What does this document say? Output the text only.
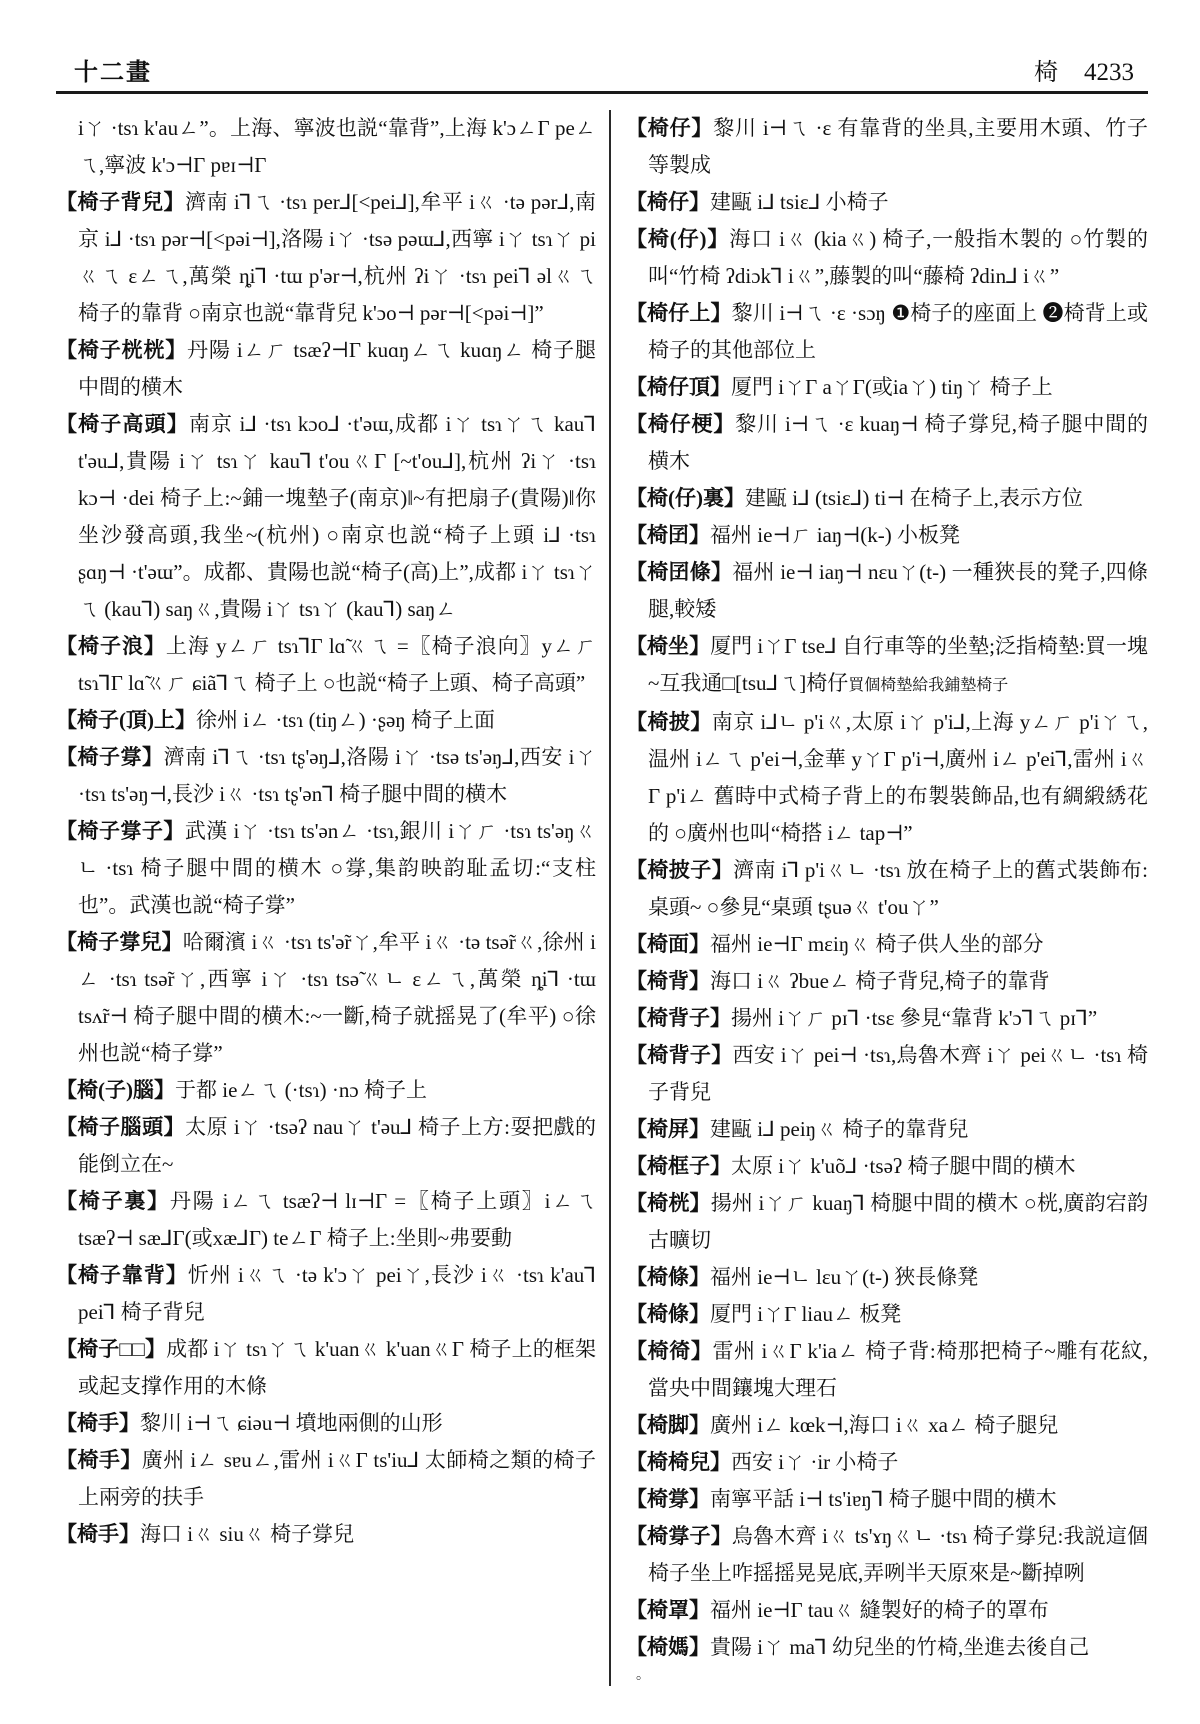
十二畫	椅 4233

iㄚ ·tsɿ k'auㄥ”。上海、寧波也説“靠背”,上海 k'ɔㄥΓ peㄥㄟ,寧波 k'ɔ⊣Γ pɐɪ⊣Γ

【椅子背兒】濟南 i⅂ㄟ ·tsɿ per⅃[<pei⅃],牟平 iㄍ ·tə pər⅃,南京 i⅃ ·tsɿ pər⊣[<pəi⊣],洛陽 iㄚ ·tsə pəɯ⅃,西寧 iㄚ tsɿㄚ piㄍㄟ ɛㄥㄟ,萬榮 ȵi⅂ ·tɯ p'ər⊣,杭州 ʔiㄚ ·tsɿ pei⅂ əlㄍㄟ 椅子的靠背 ○南京也説“靠背兒 k'ɔo⊣ pər⊣[<pəi⊣]”

【椅子桄桄】丹陽 iㄥㄏ tsæʔ⊣Γ kuɑŋㄥㄟ kuɑŋㄥ 椅子腿中間的横木

【椅子高頭】南京 i⅃ ·tsɿ kɔo⅃ ·t'əɯ,成都 iㄚ tsɿㄚㄟ kau⅂ t'əu⅃,貴陽 iㄚ tsɿㄚ kau⅂ t'ouㄍΓ [~t'ou⅃],杭州 ʔiㄚ ·tsɿ kɔ⊣ ·dei 椅子上:~鋪一塊墊子(南京)‖~有把扇子(貴陽)‖你坐沙發高頭,我坐~(杭州) ○南京也説“椅子上頭 i⅃ ·tsɿ ʂɑŋ⊣ ·t'əɯ”。成都、貴陽也説“椅子(高)上”,成都 iㄚ tsɿㄚㄟ (kau⅂) saŋㄍ,貴陽 iㄚ tsɿㄚ (kau⅂) saŋㄥ

【椅子浪】上海 yㄥㄏ tsɿ⅂Γ lɑ̃ㄍㄟ =〖椅子浪向〗yㄥㄏ tsɿ⅂Γ lɑ̃ㄍㄏ ɕiã⅂ㄟ 椅子上 ○也説“椅子上頭、椅子高頭”

【椅子(頂)上】徐州 iㄥ ·tsɿ (tiŋㄥ) ·ʂəŋ 椅子上面

【椅子牚】濟南 i⅂ㄟ ·tsɿ tʂ'əŋ⅃,洛陽 iㄚ ·tsə ts'əŋ⅃,西安 iㄚ ·tsɿ ts'əŋ⊣,長沙 iㄍ ·tsɿ tʂ'ən⅂ 椅子腿中間的横木

【椅子牚子】武漢 iㄚ ·tsɿ ts'ənㄥ ·tsɿ,銀川 iㄚㄏ ·tsɿ ts'əŋㄍㄴ ·tsɿ 椅子腿中間的横木 ○牚,集韵映韵耻孟切:“支柱也”。武漢也説“椅子牚”

【椅子牚兒】哈爾濱 iㄍ ·tsɿ ts'ə̃rㄚ,牟平 iㄍ ·tə tsə̃rㄍ,徐州 iㄥ ·tsɿ tsə̃rㄚ,西寧 iㄚ ·tsɿ tsə̃ㄍㄴ ɛㄥㄟ,萬榮 ȵi⅂ ·tɯ tsʌ̃r⊣ 椅子腿中間的横木:~一斷,椅子就摇晃了(牟平) ○徐州也説“椅子牚”

【椅(子)腦】于都 ieㄥㄟ (·tsɿ) ·nɔ 椅子上

【椅子腦頭】太原 iㄚ ·tsəʔ nauㄚ t'əu⅃ 椅子上方:耍把戲的能倒立在~

【椅子裏】丹陽 iㄥㄟ tsæʔ⊣ lɪ⊣Γ =〖椅子上頭〗iㄥㄟ tsæʔ⊣ sæ⅃Γ(或xæ⅃Γ) teㄥΓ 椅子上:坐則~弗要動

【椅子靠背】忻州 iㄍㄟ ·tə k'ɔㄚ peiㄚ,長沙 iㄍ ·tsɿ k'au⅂ pei⅂ 椅子背兒

【椅子□□】成都 iㄚ tsɿㄚㄟ k'uanㄍ k'uanㄍΓ 椅子上的框架或起支撑作用的木條

【椅手】黎川 i⊣ㄟ ɕiəu⊣ 墳地兩側的山形

【椅手】廣州 iㄥ sɐuㄥ,雷州 iㄍΓ ts'iu⅃ 太師椅之類的椅子上兩旁的扶手

【椅手】海口 iㄍ siuㄍ 椅子牚兒

【椅仔】黎川 i⊣ㄟ ·ɛ 有靠背的坐具,主要用木頭、竹子等製成

【椅仔】建甌 i⅃ tsiɛ⅃ 小椅子

【椅(仔)】海口 iㄍ (kiaㄍ) 椅子,一般指木製的 ○竹製的叫“竹椅 ʔdiɔk⅂ iㄍ”,藤製的叫“藤椅 ʔdin⅃ iㄍ”

【椅仔上】黎川 i⊣ㄟ ·ɛ ·sɔŋ ❶椅子的座面上 ❷椅背上或椅子的其他部位上

【椅仔頂】厦門 iㄚΓ aㄚΓ(或iaㄚ) tiŋㄚ 椅子上

【椅仔梗】黎川 i⊣ㄟ ·ɛ kuaŋ⊣ 椅子牚兒,椅子腿中間的横木

【椅(仔)裏】建甌 i⅃ (tsiɛ⅃) ti⊣ 在椅子上,表示方位

【椅囝】福州 ie⊣ㄏ iaŋ⊣(k-) 小板凳

【椅囝條】福州 ie⊣ iaŋ⊣ nɛuㄚ(t-) 一種狹長的凳子,四條腿,較矮

【椅坐】厦門 iㄚΓ tse⅃ 自行車等的坐墊;泛指椅墊:買一塊~互我通□[tsu⅃ㄟ]椅仔買個椅墊給我鋪墊椅子

【椅披】南京 i⅃ㄴ p'iㄍ,太原 iㄚ p'i⅃,上海 yㄥㄏ p'iㄚㄟ,温州 iㄥㄟ p'ei⊣,金華 yㄚΓ p'i⊣,廣州 iㄥ p'ei⅂,雷州 iㄍΓ p'iㄥ 舊時中式椅子背上的布製裝飾品,也有綢緞綉花的 ○廣州也叫“椅搭 iㄥ tap⊣”

【椅披子】濟南 i⅂ p'iㄍㄴ ·tsɿ 放在椅子上的舊式裝飾布:桌頭~ ○參見“桌頭 tʂuəㄍ t'ouㄚ”

【椅面】福州 ie⊣Γ mɛiŋㄍ 椅子供人坐的部分

【椅背】海口 iㄍ ʔbueㄥ 椅子背兒,椅子的靠背

【椅背子】揚州 iㄚㄏ pɪ⅂ ·tsɛ 參見“靠背 k'ɔ⅂ㄟ pɪ⅂”

【椅背子】西安 iㄚ pei⊣ ·tsɿ,烏魯木齊 iㄚ peiㄍㄴ ·tsɿ 椅子背兒

【椅屏】建甌 i⅃ peiŋㄍ 椅子的靠背兒

【椅框子】太原 iㄚ k'uõ⅃ ·tsəʔ 椅子腿中間的横木

【椅桄】揚州 iㄚㄏ kuaŋ⅂ 椅腿中間的横木 ○桄,廣韵宕韵古曠切

【椅條】福州 ie⊣ㄴ lɛuㄚ(t-) 狹長條凳

【椅條】厦門 iㄚΓ liauㄥ 板凳

【椅徛】雷州 iㄍΓ k'iaㄥ 椅子背:椅那把椅子~雕有花紋,當央中間鑲塊大理石

【椅脚】廣州 iㄥ kœk⊣,海口 iㄍ xaㄥ 椅子腿兒

【椅椅兒】西安 iㄚ ·ir 小椅子

【椅牚】南寧平話 i⊣ ts'iɐŋ⅂ 椅子腿中間的横木

【椅牚子】烏魯木齊 iㄍ ts'ɤŋㄍㄴ ·tsɿ 椅子牚兒:我説這個椅子坐上咋摇摇晃晃底,弄咧半天原來是~斷掉咧

【椅罩】福州 ie⊣Γ tauㄍ 縫製好的椅子的罩布

【椅媽】貴陽 iㄚ ma⅂ 幼兒坐的竹椅,坐進去後自己

。
